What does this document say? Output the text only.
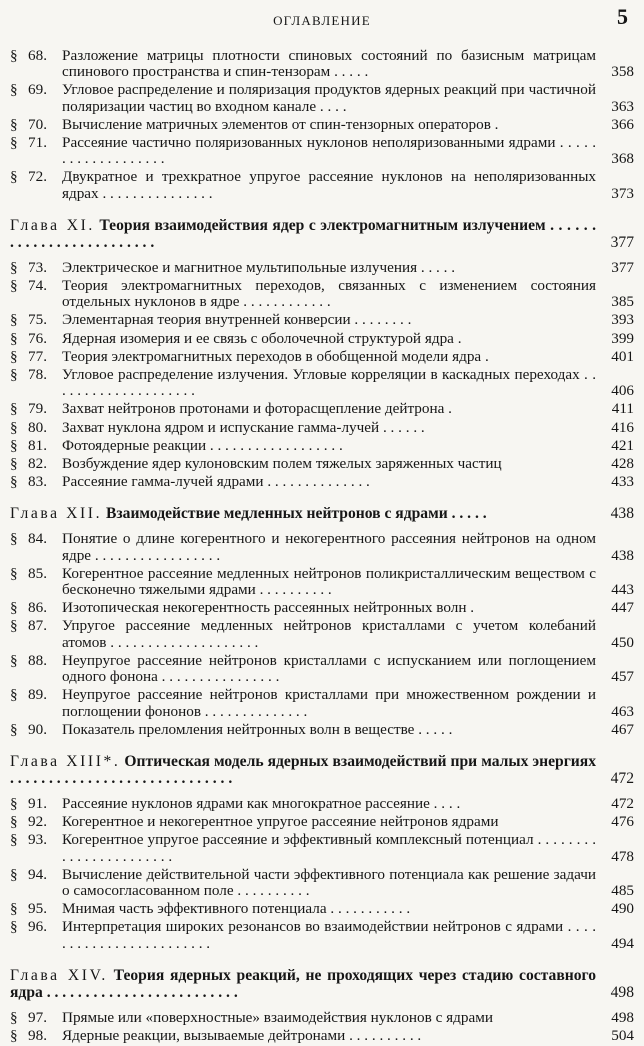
ОГЛАВЛЕНИЕ	5
§ 68. Разложение матрицы плотности спиновых состояний по базисным матрицам спинового пространства и спин-тензорам . . . . .	358
§ 69. Угловое распределение и поляризация продуктов ядерных реакций при частичной поляризации частиц во входном канале . . . .	363
§ 70. Вычисление матричных элементов от спин-тензорных операторов .	366
§ 71. Рассеяние частично поляризованных нуклонов неполяризованными ядрами . . . . . . . . . . . . . . . . . . .	368
§ 72. Двукратное и трехкратное упругое рассеяние нуклонов на неполяризованных ядрах . . . . . . . . . . . . . . .	373
Глава XI. Теория взаимодействия ядер с электромагнитным излучением . . . . . . . . . . . . . . . . . . . . . . . . .	377
§ 73. Электрическое и магнитное мультипольные излучения . . . . .	377
§ 74. Теория электромагнитных переходов, связанных с изменением состояния отдельных нуклонов в ядре . . . . . . . . . . . .	385
§ 75. Элементарная теория внутренней конверсии . . . . . . . .	393
§ 76. Ядерная изомерия и ее связь с оболочечной структурой ядра .	399
§ 77. Теория электромагнитных переходов в обобщенной модели ядра .	401
§ 78. Угловое распределение излучения. Угловые корреляции в каскадных переходах . . . . . . . . . . . . . . . . . . . .	406
§ 79. Захват нейтронов протонами и фоторасщепление дейтрона .	411
§ 80. Захват нуклона ядром и испускание гамма-лучей . . . . . .	416
§ 81. Фотоядерные реакции . . . . . . . . . . . . . . . . . .	421
§ 82. Возбуждение ядер кулоновским полем тяжелых заряженных частиц	428
§ 83. Рассеяние гамма-лучей ядрами . . . . . . . . . . . . . .	433
Глава XII. Взаимодействие медленных нейтронов с ядрами . . . . .	438
§ 84. Понятие о длине когерентного и некогерентного рассеяния нейтронов на одном ядре . . . . . . . . . . . . . . . . .	438
§ 85. Когерентное рассеяние медленных нейтронов поликристаллическим веществом с бесконечно тяжелыми ядрами . . . . . . . . . .	443
§ 86. Изотопическая некогерентность рассеянных нейтронных волн .	447
§ 87. Упругое рассеяние медленных нейтронов кристаллами с учетом колебаний атомов . . . . . . . . . . . . . . . . . . . .	450
§ 88. Неупругое рассеяние нейтронов кристаллами с испусканием или поглощением одного фонона . . . . . . . . . . . . . . . .	457
§ 89. Неупругое рассеяние нейтронов кристаллами при множественном рождении и поглощении фононов . . . . . . . . . . . . . .	463
§ 90. Показатель преломления нейтронных волн в веществе . . . . .	467
Глава XIII*. Оптическая модель ядерных взаимодействий при малых энергиях . . . . . . . . . . . . . . . . . . . . . . . . . . . . .	472
§ 91. Рассеяние нуклонов ядрами как многократное рассеяние . . . .	472
§ 92. Когерентное и некогерентное упругое рассеяние нейтронов ядрами	476
§ 93. Когерентное упругое рассеяние и эффективный комплексный потенциал . . . . . . . . . . . . . . . . . . . . . . .	478
§ 94. Вычисление действительной части эффективного потенциала как решение задачи о самосогласованном поле . . . . . . . . . .	485
§ 95. Мнимая часть эффективного потенциала . . . . . . . . . . .	490
§ 96. Интерпретация широких резонансов во взаимодействии нейтронов с ядрами . . . . . . . . . . . . . . . . . . . . . . . .	494
Глава XIV. Теория ядерных реакций, не проходящих через стадию составного ядра . . . . . . . . . . . . . . . . . . . . . . . . .	498
§ 97. Прямые или «поверхностные» взаимодействия нуклонов с ядрами	498
§ 98. Ядерные реакции, вызываемые дейтронами . . . . . . . . . .	504
